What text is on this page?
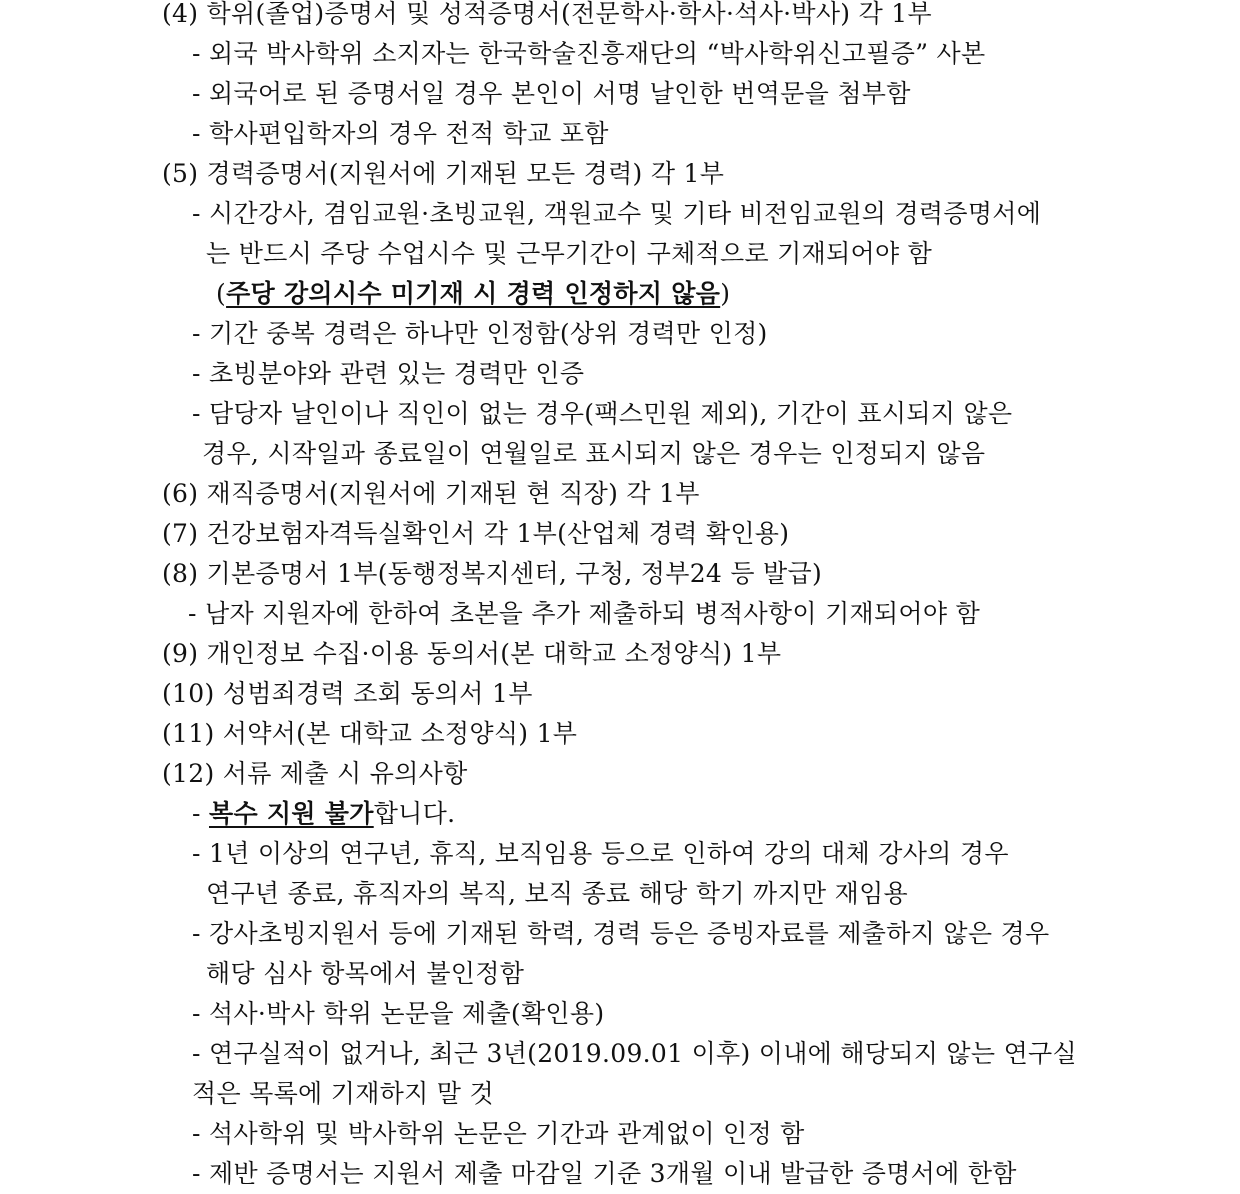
(4) 학위(졸업)증명서 및 성적증명서(전문학사·학사·석사·박사) 각 1부
- 외국 박사학위 소지자는 한국학술진흥재단의 “박사학위신고필증” 사본
- 외국어로 된 증명서일 경우 본인이 서명 날인한 번역문을 첨부함
- 학사편입학자의 경우 전적 학교 포함
(5) 경력증명서(지원서에 기재된 모든 경력) 각 1부
- 시간강사, 겸임교원·초빙교원, 객원교수 및 기타 비전임교원의 경력증명서에
는 반드시 주당 수업시수 및 근무기간이 구체적으로 기재되어야 함
(주당 강의시수 미기재 시 경력 인정하지 않음)
- 기간 중복 경력은 하나만 인정함(상위 경력만 인정)
- 초빙분야와 관련 있는 경력만 인증
- 담당자 날인이나 직인이 없는 경우(팩스민원 제외), 기간이 표시되지 않은
경우, 시작일과 종료일이 연월일로 표시되지 않은 경우는 인정되지 않음
(6) 재직증명서(지원서에 기재된 현 직장) 각 1부
(7) 건강보험자격득실확인서 각 1부(산업체 경력 확인용)
(8) 기본증명서 1부(동행정복지센터, 구청, 정부24 등 발급)
- 남자 지원자에 한하여 초본을 추가 제출하되 병적사항이 기재되어야 함
(9) 개인정보 수집·이용 동의서(본 대학교 소정양식) 1부
(10) 성범죄경력 조회 동의서 1부
(11) 서약서(본 대학교 소정양식) 1부
(12) 서류 제출 시 유의사항
- 복수 지원 불가합니다.
- 1년 이상의 연구년, 휴직, 보직임용 등으로 인하여 강의 대체 강사의 경우
연구년 종료, 휴직자의 복직, 보직 종료 해당 학기 까지만 재임용
- 강사초빙지원서 등에 기재된 학력, 경력 등은 증빙자료를 제출하지 않은 경우
해당 심사 항목에서 불인정함
- 석사·박사 학위 논문을 제출(확인용)
- 연구실적이 없거나, 최근 3년(2019.09.01 이후) 이내에 해당되지 않는 연구실
적은 목록에 기재하지 말 것
- 석사학위 및 박사학위 논문은 기간과 관계없이 인정 함
- 제반 증명서는 지원서 제출 마감일 기준 3개월 이내 발급한 증명서에 한함
